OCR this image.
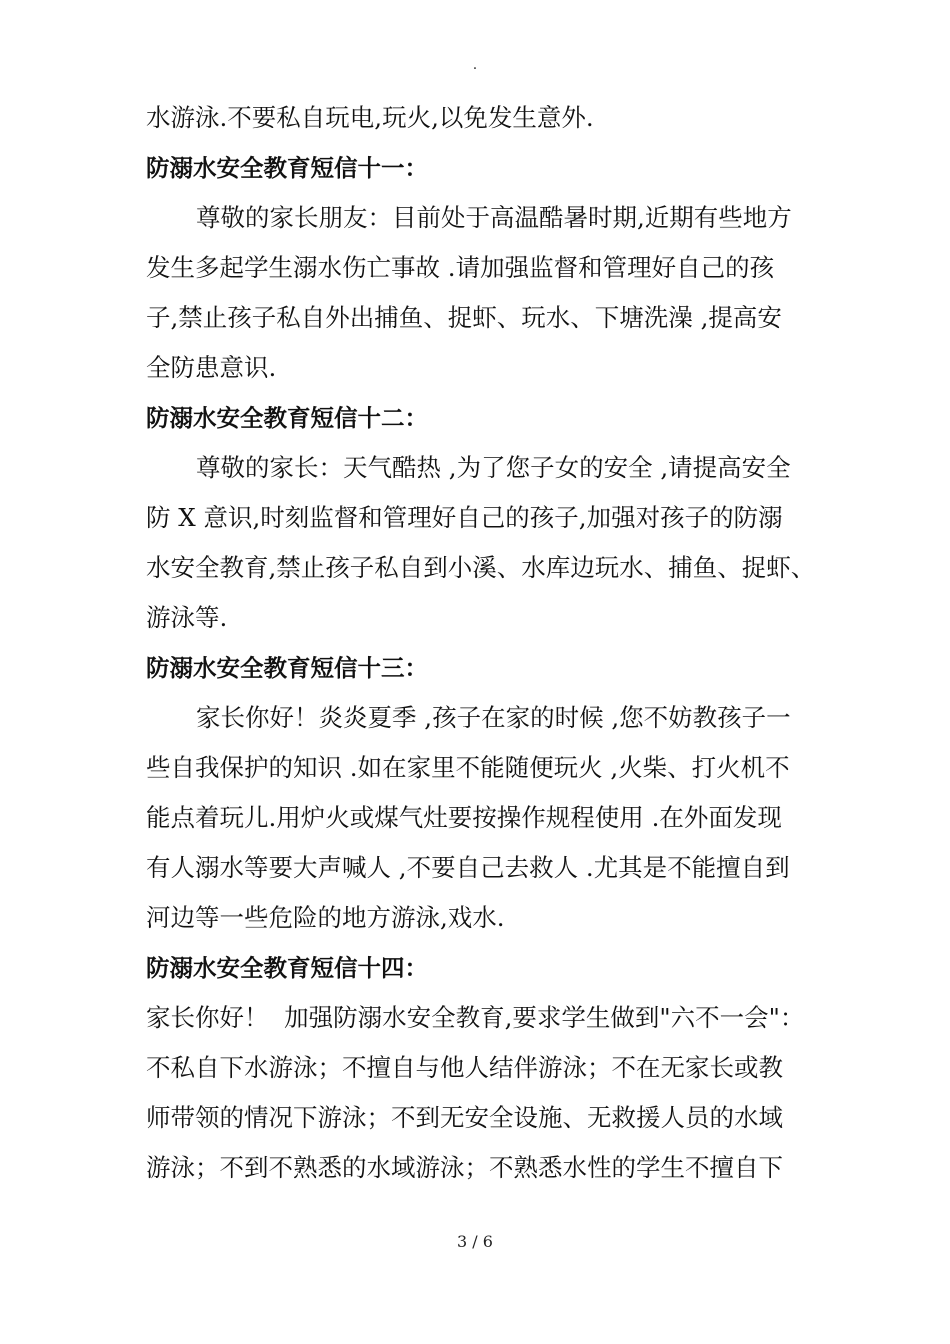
.
水游泳.不要私自玩电,玩火,以免发生意外.
防溺水安全教育短信十一：
尊敬的家长朋友：目前处于高温酷暑时期,近期有些地方
发生多起学生溺水伤亡事故 .请加强监督和管理好自己的孩
子,禁止孩子私自外出捕鱼、捉虾、玩水、下塘洗澡 ,提高安
全防患意识.
防溺水安全教育短信十二：
尊敬的家长：天气酷热 ,为了您子女的安全 ,请提高安全
防 X 意识,时刻监督和管理好自己的孩子,加强对孩子的防溺
水安全教育,禁止孩子私自到小溪、水库边玩水、捕鱼、捉虾、
游泳等.
防溺水安全教育短信十三：
家长你好！炎炎夏季 ,孩子在家的时候 ,您不妨教孩子一
些自我保护的知识 .如在家里不能随便玩火 ,火柴、打火机不
能点着玩儿.用炉火或煤气灶要按操作规程使用 .在外面发现
有人溺水等要大声喊人 ,不要自己去救人 .尤其是不能擅自到
河边等一些危险的地方游泳,戏水.
防溺水安全教育短信十四：
家长你好！  加强防溺水安全教育,要求学生做到"六不一会"：
不私自下水游泳；不擅自与他人结伴游泳；不在无家长或教
师带领的情况下游泳；不到无安全设施、无救援人员的水域
游泳；不到不熟悉的水域游泳；不熟悉水性的学生不擅自下
3 / 6
